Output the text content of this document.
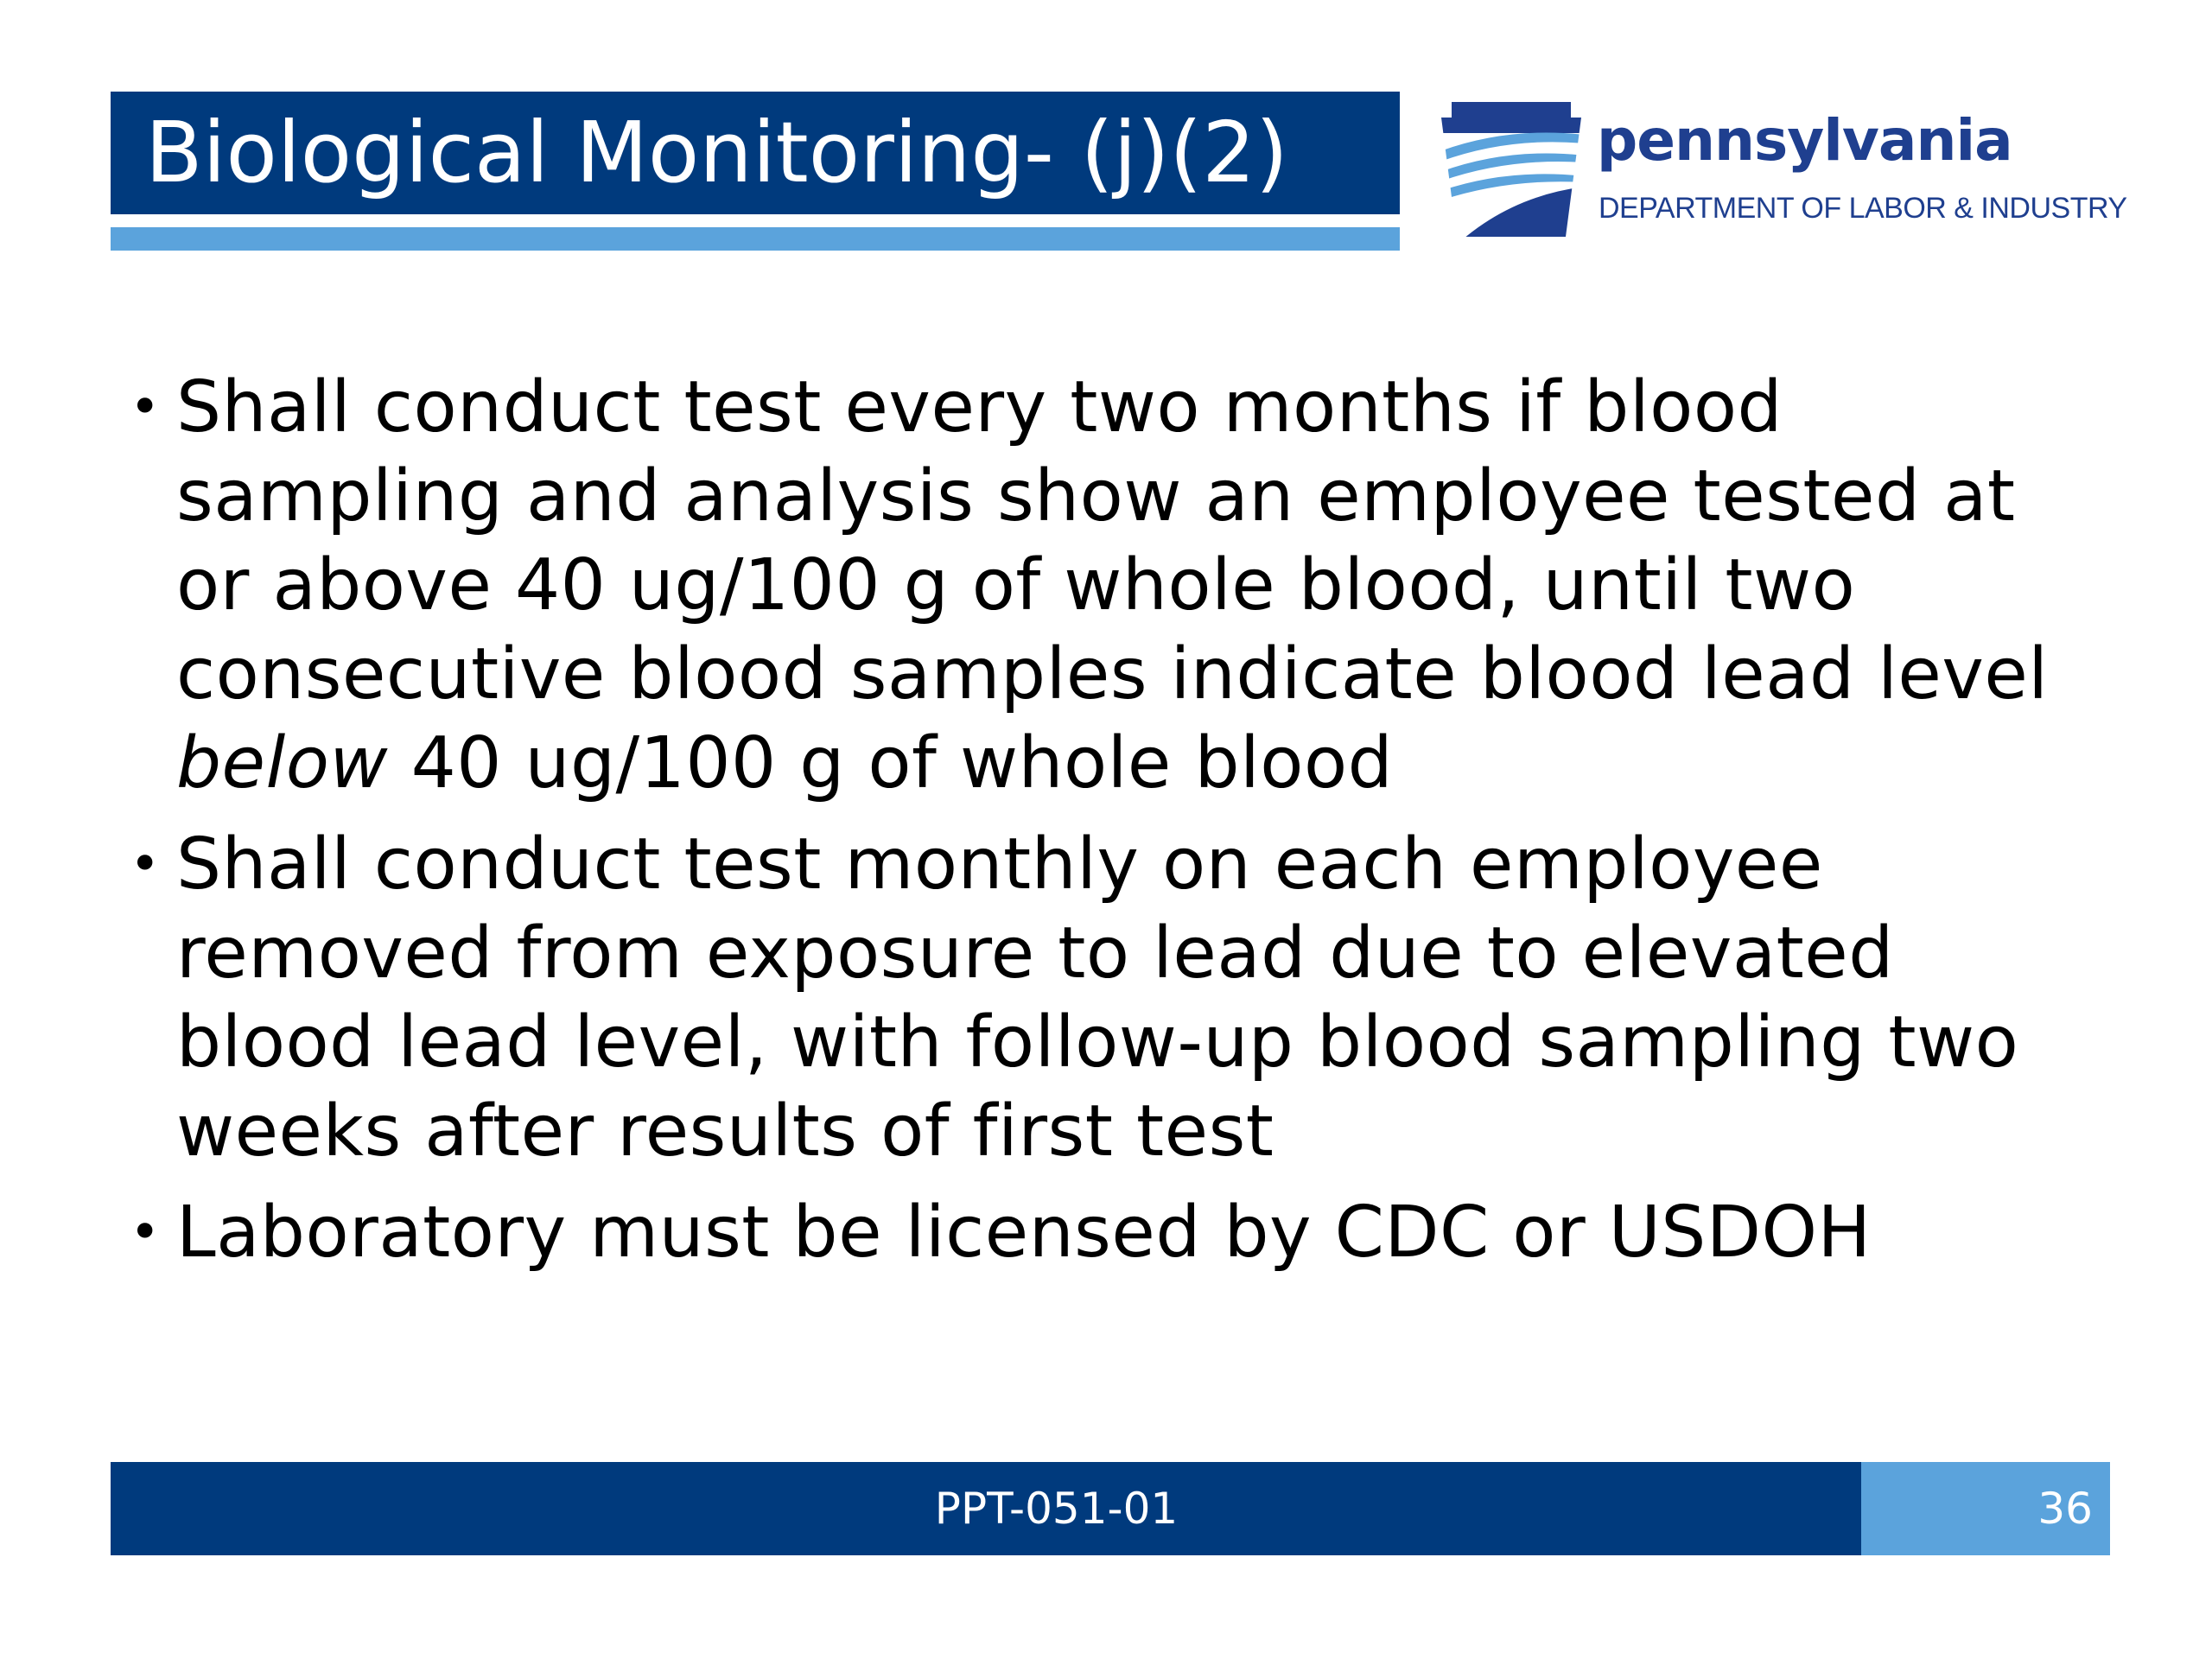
Biological Monitoring- (j)(2)	pennsylvania
DEPARTMENT OF LABOR & INDUSTRY
• Shall conduct test every two months if blood
sampling and analysis show an employee tested at
or above 40 ug/100 g of whole blood, until two
consecutive blood samples indicate blood lead level
below 40 ug/100 g of whole blood
• Shall conduct test monthly on each employee
removed from exposure to lead due to elevated
blood lead level, with follow-up blood sampling two
weeks after results of first test
• Laboratory must be licensed by CDC or USDOH
36
PPT-051-01
